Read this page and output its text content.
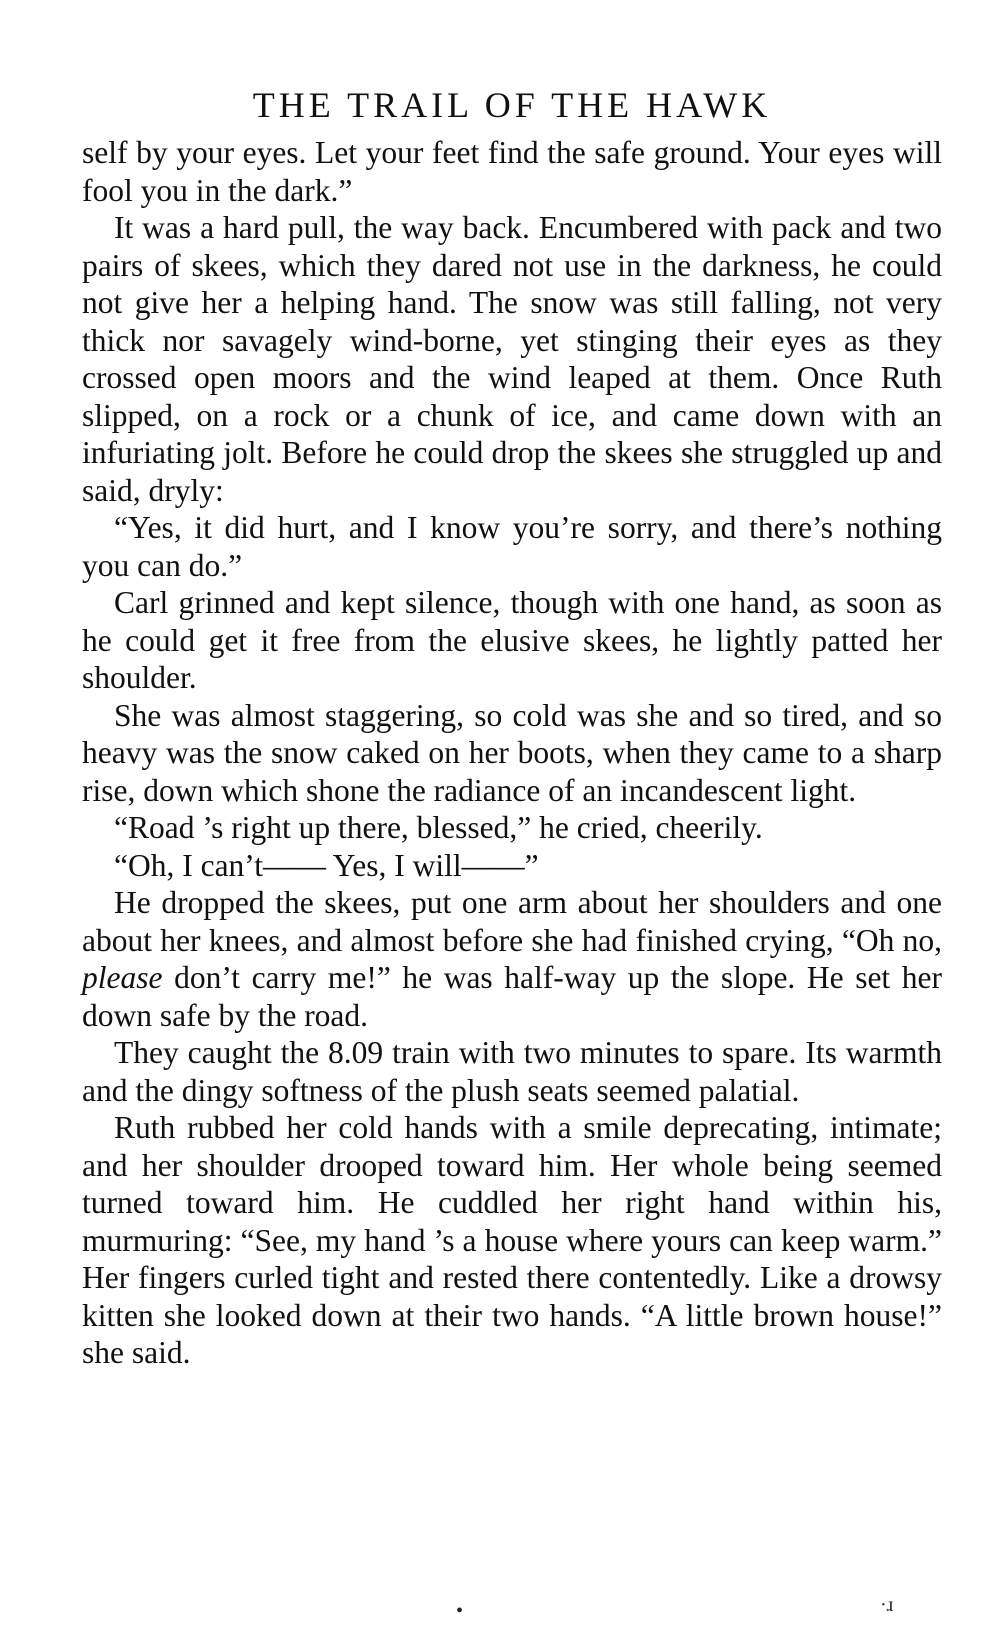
THE TRAIL OF THE HAWK

self by your eyes. Let your feet find the safe ground. Your eyes will fool you in the dark.”

It was a hard pull, the way back. Encumbered with pack and two pairs of skees, which they dared not use in the darkness, he could not give her a helping hand. The snow was still falling, not very thick nor savagely wind-borne, yet stinging their eyes as they crossed open moors and the wind leaped at them. Once Ruth slipped, on a rock or a chunk of ice, and came down with an infuriating jolt. Before he could drop the skees she struggled up and said, dryly:

“Yes, it did hurt, and I know you’re sorry, and there’s nothing you can do.”

Carl grinned and kept silence, though with one hand, as soon as he could get it free from the elusive skees, he lightly patted her shoulder.

She was almost staggering, so cold was she and so tired, and so heavy was the snow caked on her boots, when they came to a sharp rise, down which shone the radiance of an incandescent light.

“Road ’s right up there, blessed,” he cried, cheerily.

“Oh, I can’t—— Yes, I will——”

He dropped the skees, put one arm about her shoulders and one about her knees, and almost before she had finished crying, “Oh no, please don’t carry me!” he was half-way up the slope. He set her down safe by the road.

They caught the 8.09 train with two minutes to spare. Its warmth and the dingy softness of the plush seats seemed palatial.

Ruth rubbed her cold hands with a smile deprecating, intimate; and her shoulder drooped toward him. Her whole being seemed turned toward him. He cuddled her right hand within his, murmuring: “See, my hand ’s a house where yours can keep warm.” Her fingers curled tight and rested there contentedly. Like a drowsy kitten she looked down at their two hands. “A little brown house!” she said.

•	·ɹ
